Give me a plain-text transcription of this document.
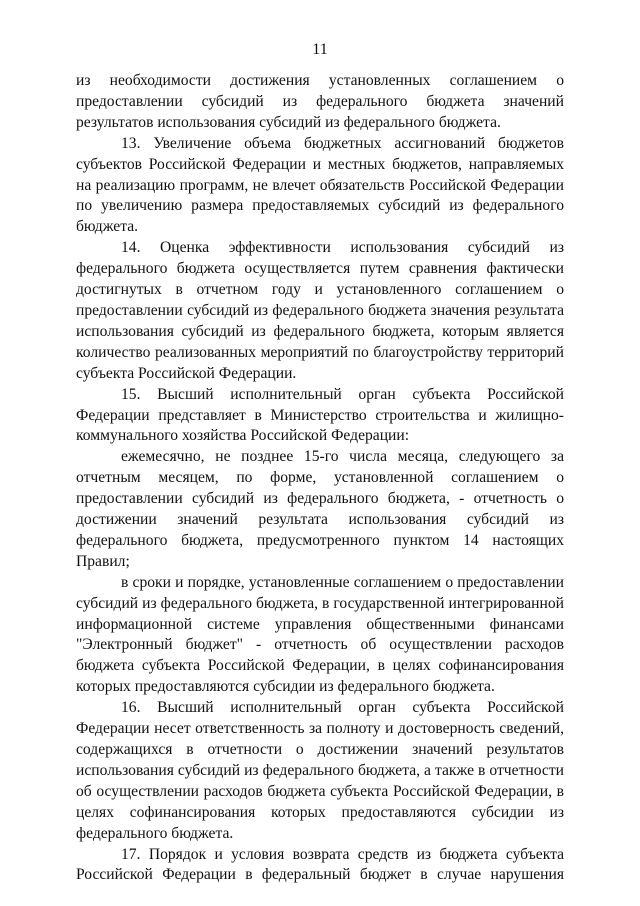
11

из необходимости достижения установленных соглашением о предоставлении субсидий из федерального бюджета значений результатов использования субсидий из федерального бюджета.

13. Увеличение объема бюджетных ассигнований бюджетов субъектов Российской Федерации и местных бюджетов, направляемых на реализацию программ, не влечет обязательств Российской Федерации по увеличению размера предоставляемых субсидий из федерального бюджета.

14. Оценка эффективности использования субсидий из федерального бюджета осуществляется путем сравнения фактически достигнутых в отчетном году и установленного соглашением о предоставлении субсидий из федерального бюджета значения результата использования субсидий из федерального бюджета, которым является количество реализованных мероприятий по благоустройству территорий субъекта Российской Федерации.

15. Высший исполнительный орган субъекта Российской Федерации представляет в Министерство строительства и жилищно-коммунального хозяйства Российской Федерации:

ежемесячно, не позднее 15-го числа месяца, следующего за отчетным месяцем, по форме, установленной соглашением о предоставлении субсидий из федерального бюджета, - отчетность о достижении значений результата использования субсидий из федерального бюджета, предусмотренного пунктом 14 настоящих Правил;

в сроки и порядке, установленные соглашением о предоставлении субсидий из федерального бюджета, в государственной интегрированной информационной системе управления общественными финансами "Электронный бюджет" - отчетность об осуществлении расходов бюджета субъекта Российской Федерации, в целях софинансирования которых предоставляются субсидии из федерального бюджета.

16. Высший исполнительный орган субъекта Российской Федерации несет ответственность за полноту и достоверность сведений, содержащихся в отчетности о достижении значений результатов использования субсидий из федерального бюджета, а также в отчетности об осуществлении расходов бюджета субъекта Российской Федерации, в целях софинансирования которых предоставляются субсидии из федерального бюджета.

17. Порядок и условия возврата средств из бюджета субъекта Российской Федерации в федеральный бюджет в случае нарушения
